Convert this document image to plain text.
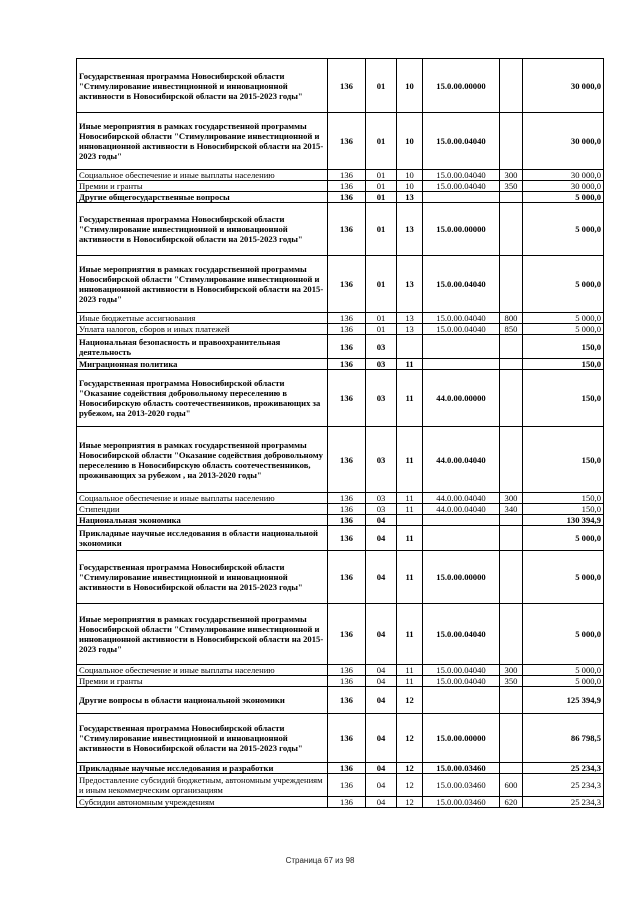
Государственная программа Новосибирской области "Стимулирование инвестиционной и инновационной активности в Новосибирской области на 2015-2023 годы"	136	01	10	15.0.00.00000		30 000,0
Иные мероприятия в рамках государственной программы Новосибирской области "Стимулирование инвестиционной и инновационной активности в Новосибирской области на 2015-2023 годы"	136	01	10	15.0.00.04040		30 000,0
Социальное обеспечение и иные выплаты населению	136	01	10	15.0.00.04040	300	30 000,0
Премии и гранты	136	01	10	15.0.00.04040	350	30 000,0
Другие общегосударственные вопросы	136	01	13			5 000,0
Государственная программа Новосибирской области "Стимулирование инвестиционной и инновационной активности в Новосибирской области на 2015-2023 годы"	136	01	13	15.0.00.00000		5 000,0
Иные мероприятия в рамках государственной программы Новосибирской области "Стимулирование инвестиционной и инновационной активности в Новосибирской области на 2015-2023 годы"	136	01	13	15.0.00.04040		5 000,0
Иные бюджетные ассигнования	136	01	13	15.0.00.04040	800	5 000,0
Уплата налогов, сборов и иных платежей	136	01	13	15.0.00.04040	850	5 000,0
Национальная безопасность и правоохранительная деятельность	136	03				150,0
Миграционная политика	136	03	11			150,0
Государственная программа Новосибирской области "Оказание содействия добровольному переселению в Новосибирскую область соотечественников, проживающих за рубежом, на 2013-2020 годы"	136	03	11	44.0.00.00000		150,0
Иные мероприятия в рамках государственной программы Новосибирской области "Оказание содействия добровольному переселению в Новосибирскую область соотечественников, проживающих за рубежом , на 2013-2020 годы"	136	03	11	44.0.00.04040		150,0
Социальное обеспечение и иные выплаты населению	136	03	11	44.0.00.04040	300	150,0
Стипендии	136	03	11	44.0.00.04040	340	150,0
Национальная экономика	136	04				130 394,9
Прикладные научные исследования в области национальной экономики	136	04	11			5 000,0
Государственная программа Новосибирской области "Стимулирование инвестиционной и инновационной активности в Новосибирской области на 2015-2023 годы"	136	04	11	15.0.00.00000		5 000,0
Иные мероприятия в рамках государственной программы Новосибирской области "Стимулирование инвестиционной и инновационной активности в Новосибирской области на 2015-2023 годы"	136	04	11	15.0.00.04040		5 000,0
Социальное обеспечение и иные выплаты населению	136	04	11	15.0.00.04040	300	5 000,0
Премии и гранты	136	04	11	15.0.00.04040	350	5 000,0
Другие вопросы в области национальной экономики	136	04	12			125 394,9
Государственная программа Новосибирской области "Стимулирование инвестиционной и инновационной активности в Новосибирской области на 2015-2023 годы"	136	04	12	15.0.00.00000		86 798,5
Прикладные научные исследования и разработки	136	04	12	15.0.00.03460		25 234,3
Предоставление субсидий бюджетным, автономным учреждениям и иным некоммерческим организациям	136	04	12	15.0.00.03460	600	25 234,3
Субсидии автономным учреждениям	136	04	12	15.0.00.03460	620	25 234,3
Страница 67 из 98
